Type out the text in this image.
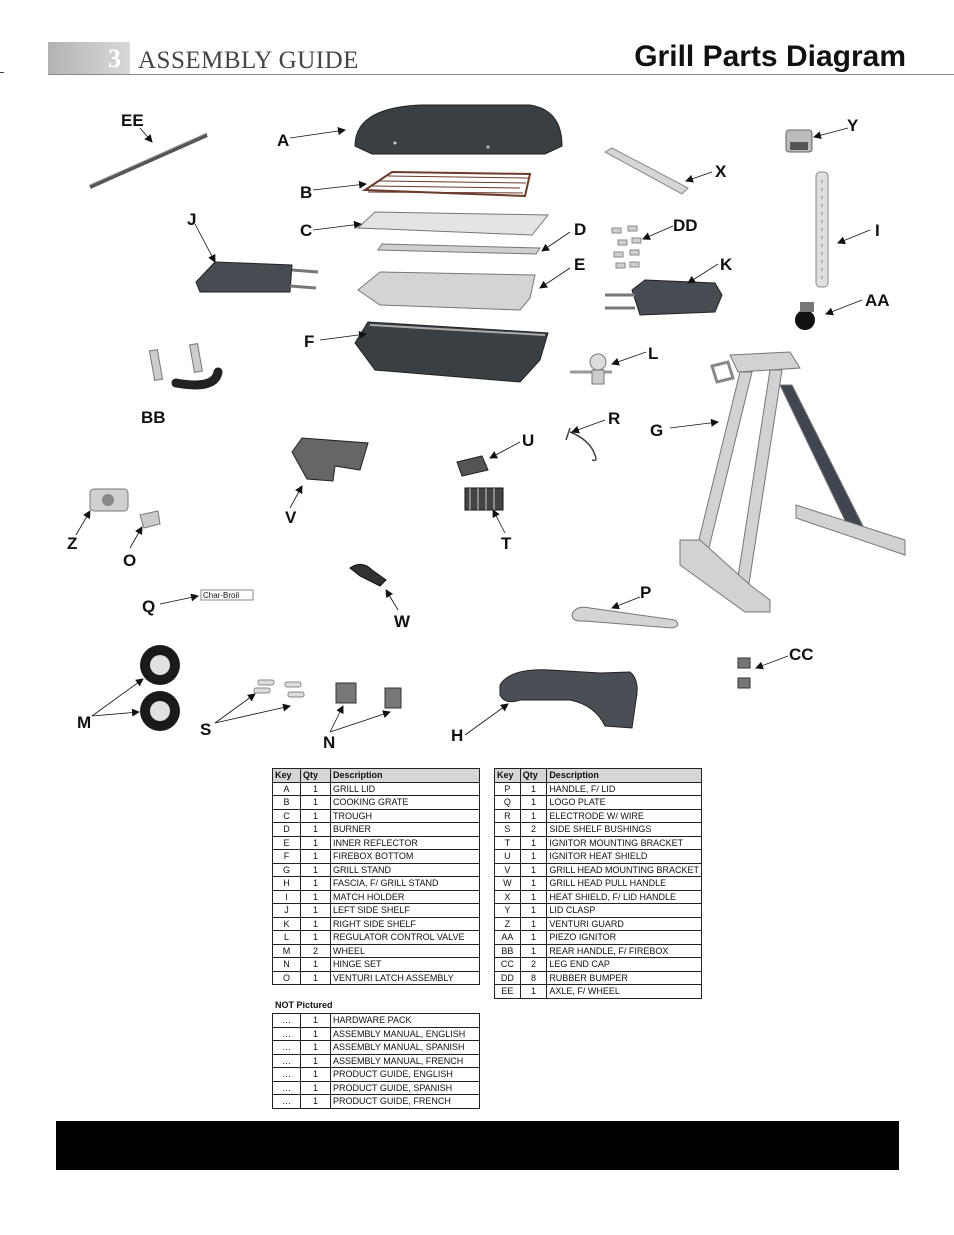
3 ASSEMBLY GUIDE	Grill Parts Diagram
Char-Broil
EE
A
Y
X
B
J
C	D	DD	I
E	K
AA
F
L
BB	R
G
U
V
Z
O
T
P
Q
W
CC
M	S
N	H
Key	Qty	Description
A	1	GRILL LID
B	1	COOKING GRATE
C	1	TROUGH
D	1	BURNER
E	1	INNER REFLECTOR
F	1	FIREBOX BOTTOM
G	1	GRILL STAND
H	1	FASCIA, F/ GRILL STAND
I	1	MATCH HOLDER
J	1	LEFT SIDE SHELF
K	1	RIGHT SIDE SHELF
L	1	REGULATOR CONTROL VALVE
M	2	WHEEL
N	1	HINGE SET
O	1	VENTURI LATCH ASSEMBLY
Key	Qty	Description
P	1	HANDLE, F/ LID
Q	1	LOGO PLATE
R	1	ELECTRODE W/ WIRE
S	2	SIDE SHELF BUSHINGS
T	1	IGNITOR MOUNTING BRACKET
U	1	IGNITOR HEAT SHIELD
V	1	GRILL HEAD MOUNTING BRACKET
W	1	GRILL HEAD PULL HANDLE
X	1	HEAT SHIELD, F/ LID HANDLE
Y	1	LID CLASP
Z	1	VENTURI GUARD
AA	1	PIEZO IGNITOR
BB	1	REAR HANDLE, F/ FIREBOX
CC	2	LEG END CAP
DD	8	RUBBER BUMPER
EE	1	AXLE, F/ WHEEL
NOT Pictured
…	1	HARDWARE PACK
…	1	ASSEMBLY MANUAL, ENGLISH
…	1	ASSEMBLY MANUAL, SPANISH
…	1	ASSEMBLY MANUAL, FRENCH
…	1	PRODUCT GUIDE, ENGLISH
…	1	PRODUCT GUIDE, SPANISH
…	1	PRODUCT GUIDE, FRENCH
